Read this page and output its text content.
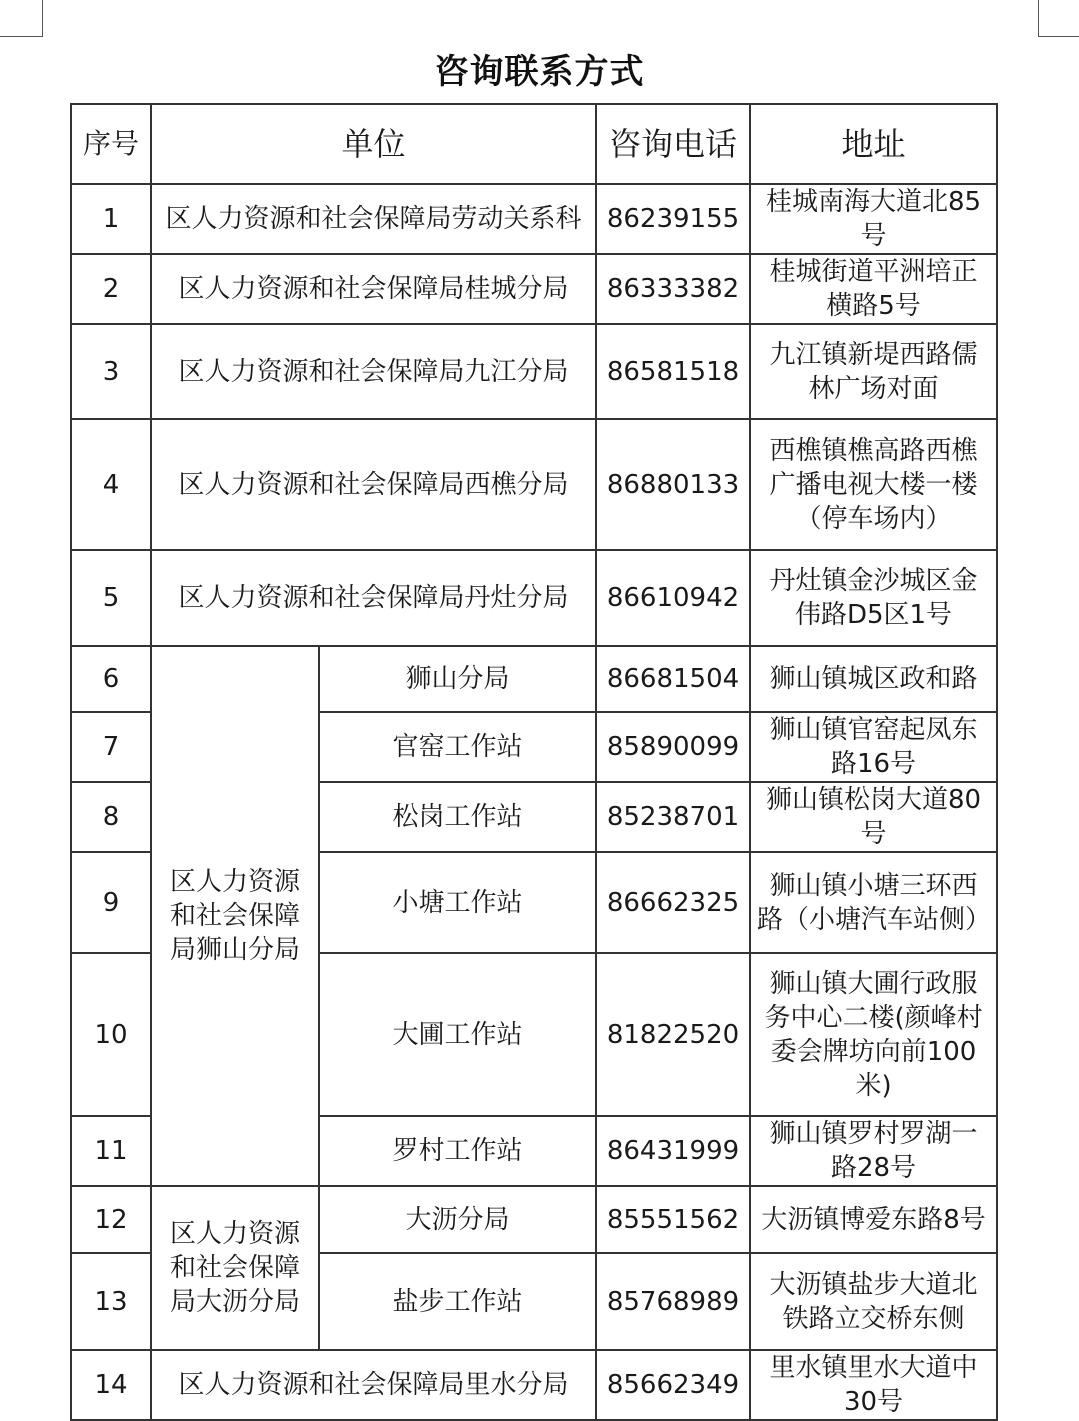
咨询联系方式
序号	单位		咨询电话	地址
1	区人力资源和社会保障局劳动关系科		86239155	桂城南海大道北85号
2	区人力资源和社会保障局桂城分局		86333382	桂城街道平洲培正横路5号
3	区人力资源和社会保障局九江分局		86581518	九江镇新堤西路儒林广场对面
4	区人力资源和社会保障局西樵分局		86880133	西樵镇樵高路西樵广播电视大楼一楼（停车场内）
5	区人力资源和社会保障局丹灶分局		86610942	丹灶镇金沙城区金伟路D5区1号
6	区人力资源和社会保障局狮山分局	狮山分局	86681504	狮山镇城区政和路
7		官窑工作站	85890099	狮山镇官窑起凤东路16号
8		松岗工作站	85238701	狮山镇松岗大道80号
9		小塘工作站	86662325	狮山镇小塘三环西路（小塘汽车站侧）
10		大圃工作站	81822520	狮山镇大圃行政服务中心二楼(颜峰村委会牌坊向前100米)
11		罗村工作站	86431999	狮山镇罗村罗湖一路28号
12	区人力资源和社会保障局大沥分局	大沥分局	85551562	大沥镇博爱东路8号
13		盐步工作站	85768989	大沥镇盐步大道北铁路立交桥东侧
14	区人力资源和社会保障局里水分局		85662349	里水镇里水大道中30号
